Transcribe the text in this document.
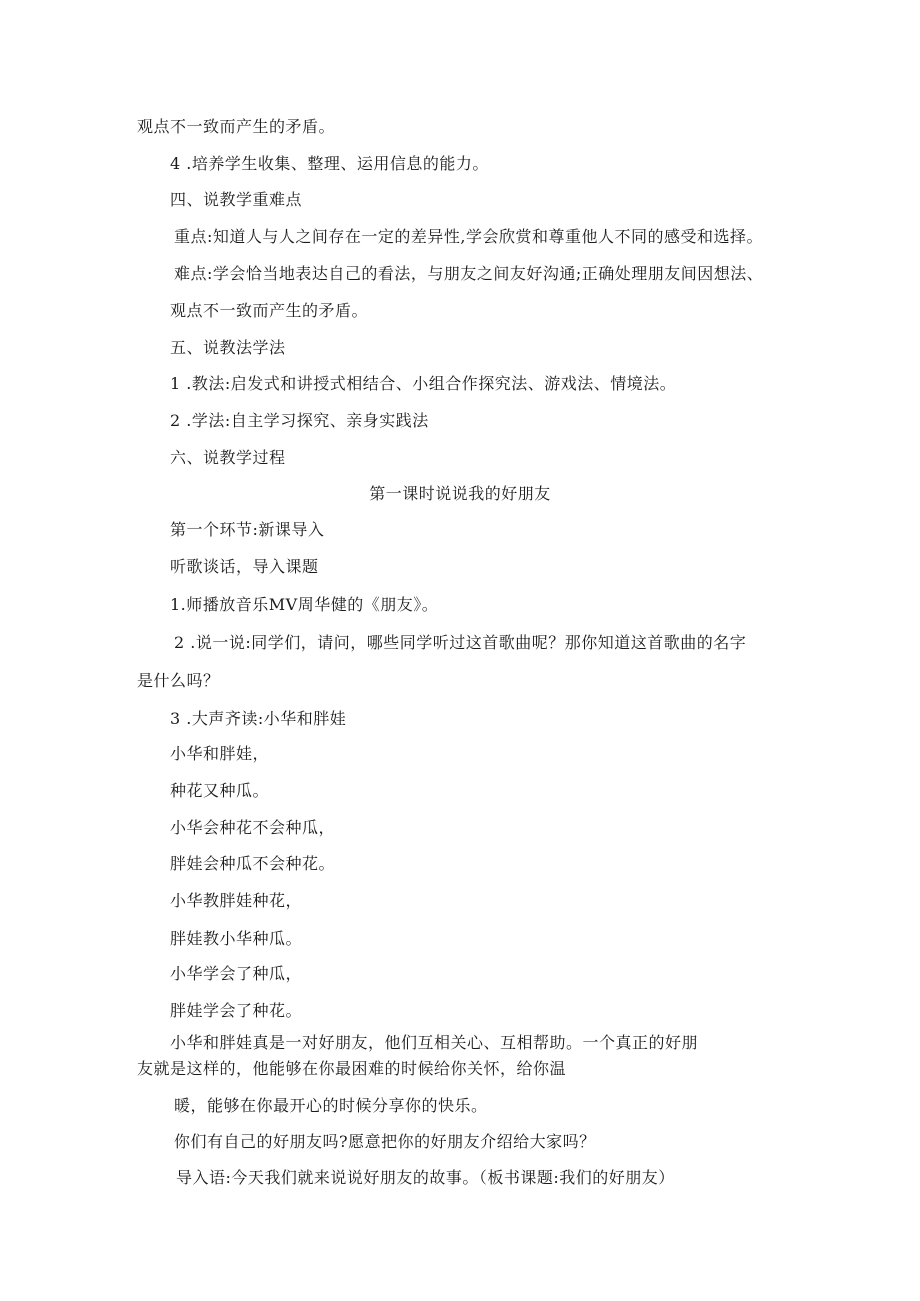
观点不一致而产生的矛盾。
4 .培养学生收集、整理、运用信息的能力。
四、说教学重难点
重点:知道人与人之间存在一定的差异性,学会欣赏和尊重他人不同的感受和选择。
难点:学会恰当地表达自己的看法，与朋友之间友好沟通;正确处理朋友间因想法、
观点不一致而产生的矛盾。
五、说教法学法
1 .教法:启发式和讲授式相结合、小组合作探究法、游戏法、情境法。
2 .学法:自主学习探究、亲身实践法
六、说教学过程
第一课时说说我的好朋友
第一个环节:新课导入
听歌谈话，导入课题
1.师播放音乐MV周华健的《朋友》。
2 .说一说:同学们，请问，哪些同学听过这首歌曲呢？那你知道这首歌曲的名字
是什么吗？
3 .大声齐读:小华和胖娃
小华和胖娃，
种花又种瓜。
小华会种花不会种瓜，
胖娃会种瓜不会种花。
小华教胖娃种花，
胖娃教小华种瓜。
小华学会了种瓜，
胖娃学会了种花。
小华和胖娃真是一对好朋友，他们互相关心、互相帮助。一个真正的好朋
友就是这样的，他能够在你最困难的时候给你关怀，给你温
暖，能够在你最开心的时候分享你的快乐。
你们有自己的好朋友吗?愿意把你的好朋友介绍给大家吗？
导入语:今天我们就来说说好朋友的故事。（板书课题:我们的好朋友）
